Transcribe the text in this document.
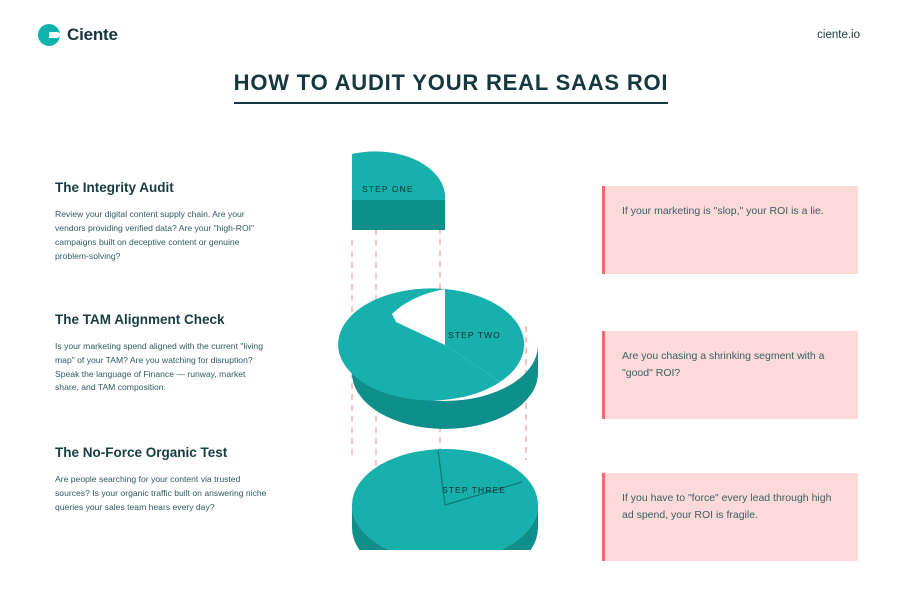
Ciente	ciente.io
HOW TO AUDIT YOUR REAL SAAS ROI
The Integrity Audit
Review your digital content supply chain. Are your vendors providing verified data? Are your "high-ROI" campaigns built on deceptive content or genuine problem-solving?
The TAM Alignment Check
Is your marketing spend aligned with the current "living map" of your TAM? Are you watching for disruption? Speak the language of Finance — runway, market share, and TAM composition.
The No-Force Organic Test
Are people searching for your content via trusted sources? Is your organic traffic built on answering niche queries your sales team hears every day?
STEP ONE
STEP TWO
STEP THREE
If your marketing is "slop," your ROI is a lie.
Are you chasing a shrinking segment with a "good" ROI?
If you have to "force" every lead through high ad spend, your ROI is fragile.
